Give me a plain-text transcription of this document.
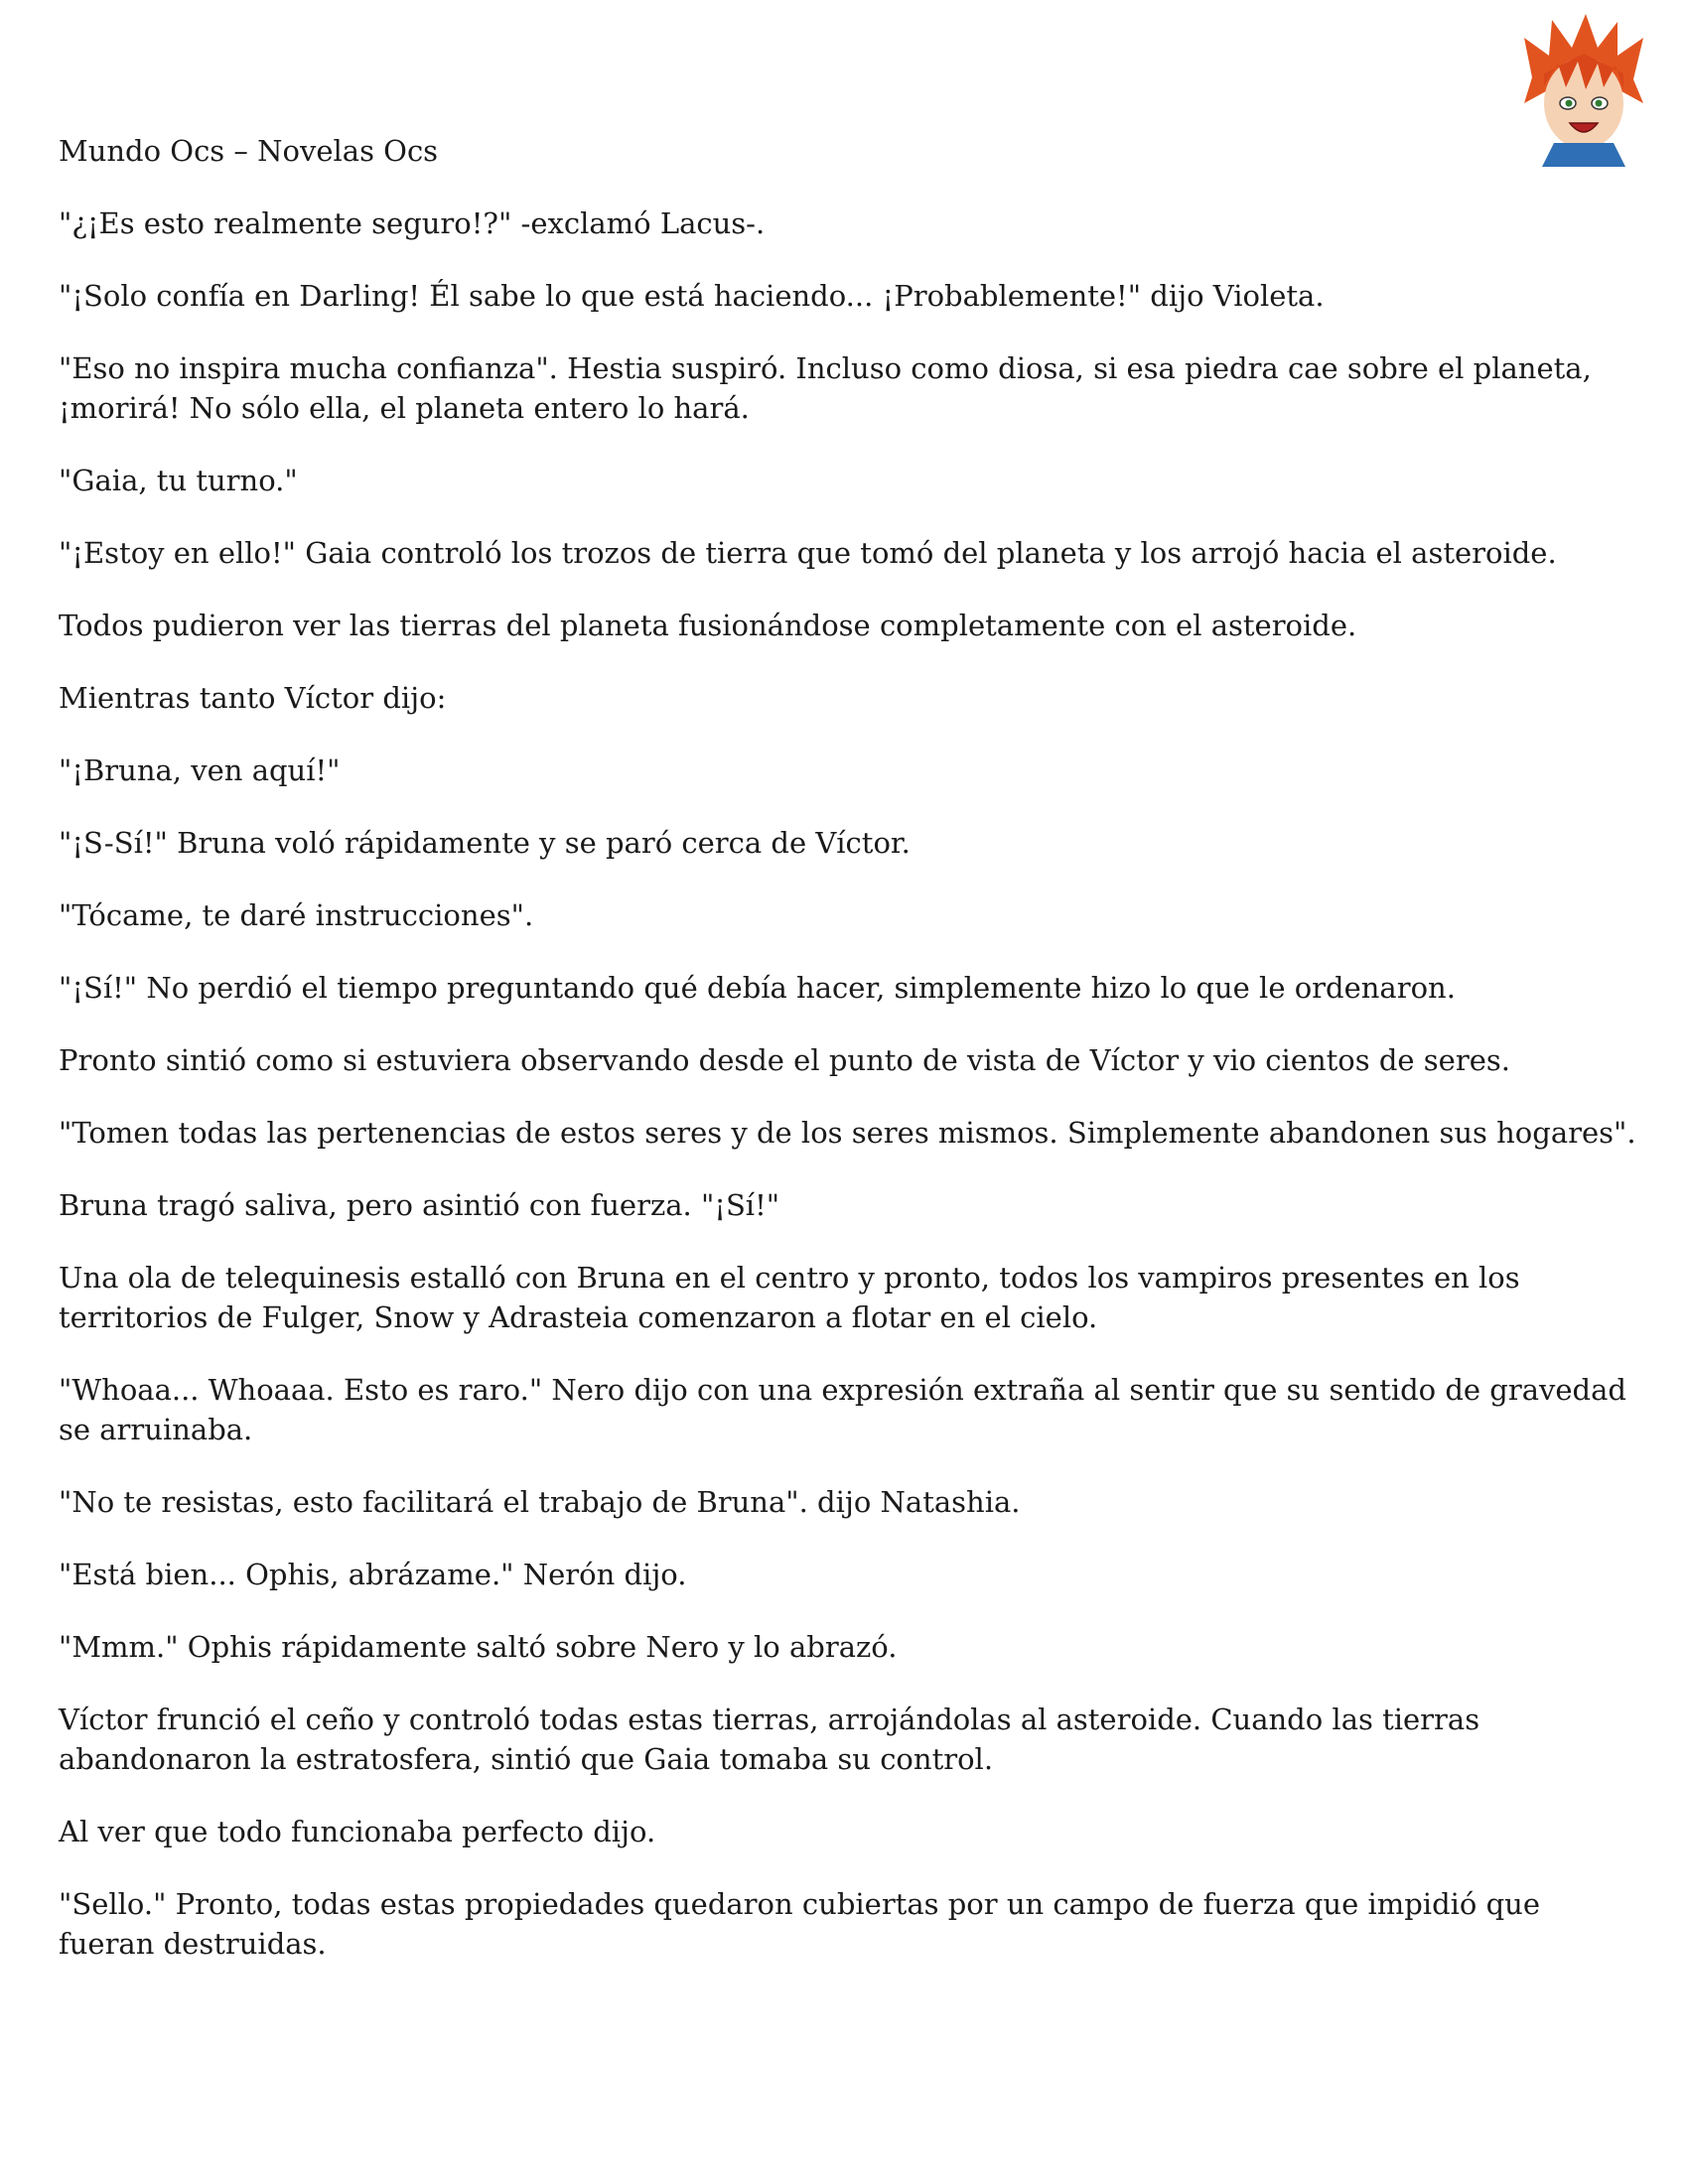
Mundo Ocs – Novelas Ocs

"¿¡Es esto realmente seguro!?" -exclamó Lacus-.

"¡Solo confía en Darling! Él sabe lo que está haciendo... ¡Probablemente!" dijo Violeta.

"Eso no inspira mucha confianza". Hestia suspiró. Incluso como diosa, si esa piedra cae sobre el planeta, ¡morirá! No sólo ella, el planeta entero lo hará.

"Gaia, tu turno."

"¡Estoy en ello!" Gaia controló los trozos de tierra que tomó del planeta y los arrojó hacia el asteroide.

Todos pudieron ver las tierras del planeta fusionándose completamente con el asteroide.

Mientras tanto Víctor dijo:

"¡Bruna, ven aquí!"

"¡S-Sí!" Bruna voló rápidamente y se paró cerca de Víctor.

"Tócame, te daré instrucciones".

"¡Sí!" No perdió el tiempo preguntando qué debía hacer, simplemente hizo lo que le ordenaron.

Pronto sintió como si estuviera observando desde el punto de vista de Víctor y vio cientos de seres.

"Tomen todas las pertenencias de estos seres y de los seres mismos. Simplemente abandonen sus hogares".

Bruna tragó saliva, pero asintió con fuerza. "¡Sí!"

Una ola de telequinesis estalló con Bruna en el centro y pronto, todos los vampiros presentes en los territorios de Fulger, Snow y Adrasteia comenzaron a flotar en el cielo.

"Whoaa... Whoaaa. Esto es raro." Nero dijo con una expresión extraña al sentir que su sentido de gravedad se arruinaba.

"No te resistas, esto facilitará el trabajo de Bruna". dijo Natashia.

"Está bien... Ophis, abrázame." Nerón dijo.

"Mmm." Ophis rápidamente saltó sobre Nero y lo abrazó.

Víctor frunció el ceño y controló todas estas tierras, arrojándolas al asteroide. Cuando las tierras abandonaron la estratosfera, sintió que Gaia tomaba su control.

Al ver que todo funcionaba perfecto dijo.

"Sello." Pronto, todas estas propiedades quedaron cubiertas por un campo de fuerza que impidió que fueran destruidas.
